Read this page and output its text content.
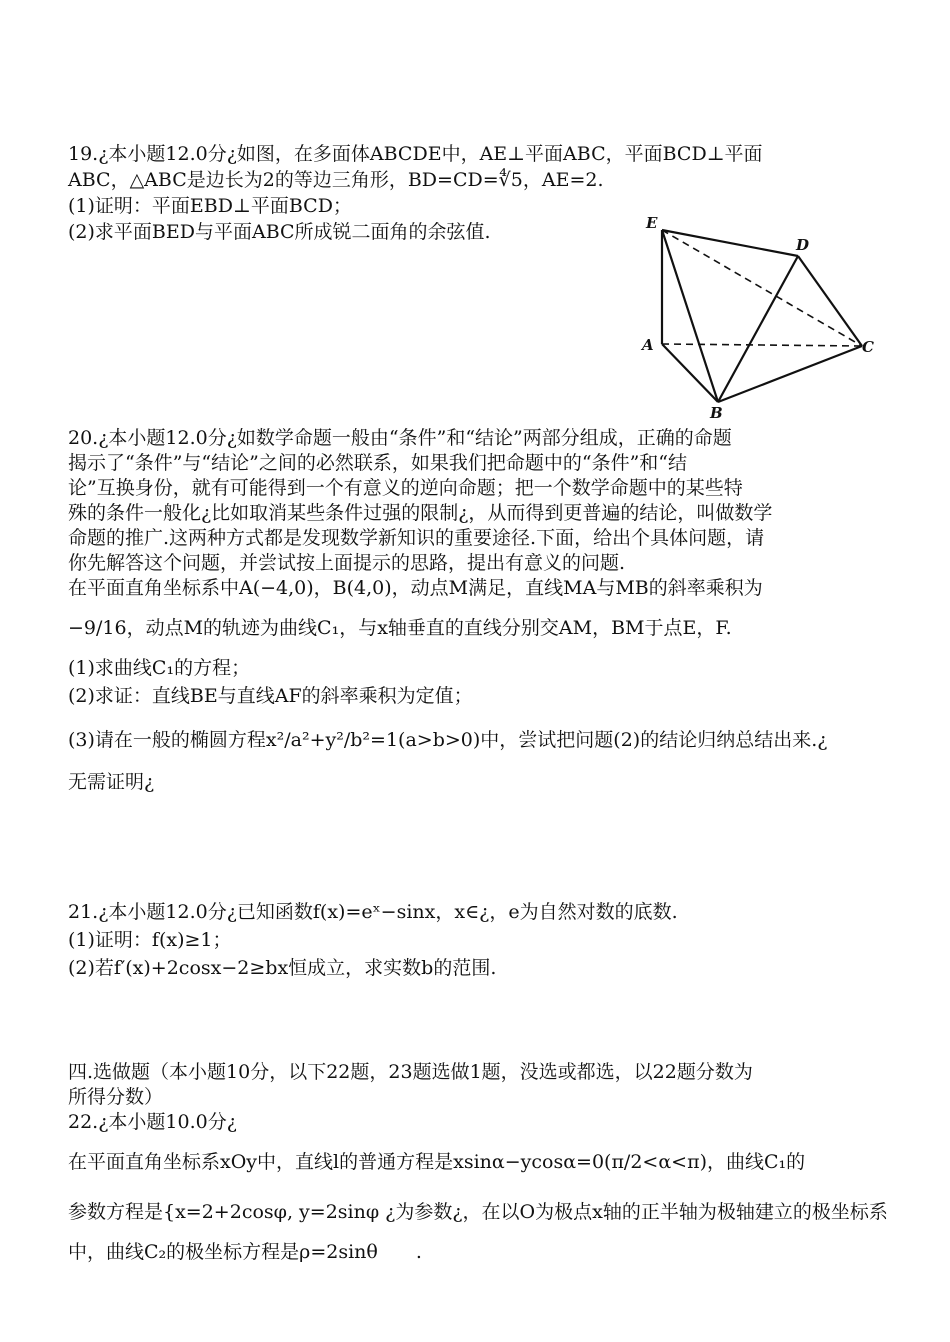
19.¿本小题12.0分¿如图，在多面体ABCDE中，AE⊥平面ABC，平面BCD⊥平面
ABC，△ABC是边长为2的等边三角形，BD=CD=∜5，AE=2.
(1)证明：平面EBD⊥平面BCD；
(2)求平面BED与平面ABC所成锐二面角的余弦值.	E
D
A	C
B
20.¿本小题12.0分¿如数学命题一般由“条件”和“结论”两部分组成，正确的命题
揭示了“条件”与“结论”之间的必然联系，如果我们把命题中的“条件”和“结
论”互换身份，就有可能得到一个有意义的逆向命题；把一个数学命题中的某些特
殊的条件一般化¿比如取消某些条件过强的限制¿，从而得到更普遍的结论，叫做数学
命题的推广.这两种方式都是发现数学新知识的重要途径.下面，给出个具体问题，请
你先解答这个问题，并尝试按上面提示的思路，提出有意义的问题.
在平面直角坐标系中A(−4,0)，B(4,0)，动点M满足，直线MA与MB的斜率乘积为
−9/16，动点M的轨迹为曲线C₁，与x轴垂直的直线分别交AM，BM于点E，F.
(1)求曲线C₁的方程；
(2)求证：直线BE与直线AF的斜率乘积为定值；
(3)请在一般的椭圆方程x²/a²+y²/b²=1(a>b>0)中，尝试把问题(2)的结论归纳总结出来.¿
无需证明¿
21.¿本小题12.0分¿已知函数f(x)=eˣ−sinx，x∈¿，e为自然对数的底数.
(1)证明：f(x)≥1；
(2)若f′(x)+2cosx−2≥bx恒成立，求实数b的范围.
四.选做题（本小题10分，以下22题，23题选做1题，没选或都选，以22题分数为
所得分数）
22.¿本小题10.0分¿
在平面直角坐标系xOy中，直线l的普通方程是xsinα−ycosα=0(π/2<α<π)，曲线C₁的
参数方程是{x=2+2cosφ, y=2sinφ ¿为参数¿，在以O为极点x轴的正半轴为极轴建立的极坐标系
中，曲线C₂的极坐标方程是ρ=2sinθ　　.
